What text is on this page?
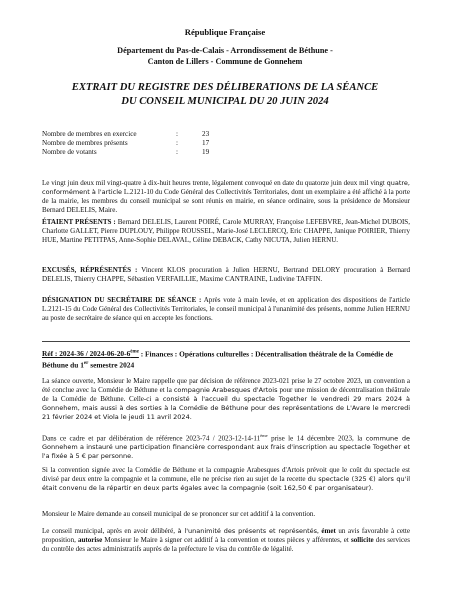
République Française
Département du Pas-de-Calais - Arrondissement de Béthune -
Canton de Lillers - Commune de Gonnehem
EXTRAIT DU REGISTRE DES DÉLIBERATIONS DE LA SÉANCE
DU CONSEIL MUNICIPAL DU 20 JUIN 2024
Nombre de membres en exercice	:	23
Nombre de membres présents	:	17
Nombre de votants	:	19
Le vingt juin deux mil vingt-quatre à dix-huit heures trente, légalement convoqué en date du quatorze juin deux mil vingt quatre, conformément à l'article L.2121-10 du Code Général des Collectivités Territoriales, dont un exemplaire a été affiché à la porte de la mairie, les membres du conseil municipal se sont réunis en mairie, en séance ordinaire, sous la présidence de Monsieur Bernard DELELIS, Maire.
ÉTAIENT PRÉSENTS : Bernard DELELIS, Laurent POIRÉ, Carole MURRAY, Françoise LEFEBVRE, Jean-Michel DUBOIS, Charlotte GALLET, Pierre DUPLOUY, Philippe ROUSSEL, Marie-José LECLERCQ, Eric CHAPPE, Janique POIRIER, Thierry HUE, Martine PETITPAS, Anne-Sophie DELAVAL, Céline DEBACK, Cathy NICUTA, Julien HERNU.
EXCUSÉS, RÉPRÉSENTÉS : Vincent KLOS procuration à Julien HERNU, Bertrand DELORY procuration à Bernard DELELIS, Thierry CHAPPE, Sébastien VERFAILLIE, Maxime CANTRAINE, Ludivine TAFFIN.
DÉSIGNATION DU SECRÉTAIRE DE SÉANCE : Après vote à main levée, et en application des dispositions de l'article L.2121-15 du Code Général des Collectivités Territoriales, le conseil municipal à l'unanimité des présents, nomme Julien HERNU au poste de secrétaire de séance qui en accepte les fonctions.
Réf : 2024-36 / 2024-06-20-6ème : Finances : Opérations culturelles : Décentralisation théâtrale de la Comédie de Béthune du 1er semestre 2024
La séance ouverte, Monsieur le Maire rappelle que par décision de référence 2023-021 prise le 27 octobre 2023, un convention a été conclue avec la Comédie de Béthune et la compagnie Arabesques d'Artois pour une mission de décentralisation théâtrale de la Comédie de Béthune. Celle-ci a consisté à l'accueil du spectacle Together le vendredi 29 mars 2024 à Gonnehem, mais aussi à des sorties à la Comédie de Béthune pour des représentations de L'Avare le mercredi 21 février 2024 et Viola le jeudi 11 avril 2024.
Dans ce cadre et par délibération de référence 2023-74 / 2023-12-14-11ème prise le 14 décembre 2023, la commune de Gonnehem a instauré une participation financière correspondant aux frais d'inscription au spectacle Together et l'a fixée à 5 € par personne.
Si la convention signée avec la Comédie de Béthune et la compagnie Arabesques d'Artois prévoit que le coût du spectacle est divisé par deux entre la compagnie et la commune, elle ne précise rien au sujet de la recette du spectacle (325 €) alors qu'il était convenu de la répartir en deux parts égales avec la compagnie (soit 162,50 € par organisateur).
Monsieur le Maire demande au conseil municipal de se prononcer sur cet additif à la convention.
Le conseil municipal, après en avoir délibéré, à l'unanimité des présents et représentés, émet un avis favorable à cette proposition, autorise Monsieur le Maire à signer cet additif à la convention et toutes pièces y afférentes, et sollicite des services du contrôle des actes administratifs auprès de la préfecture le visa du contrôle de légalité.
